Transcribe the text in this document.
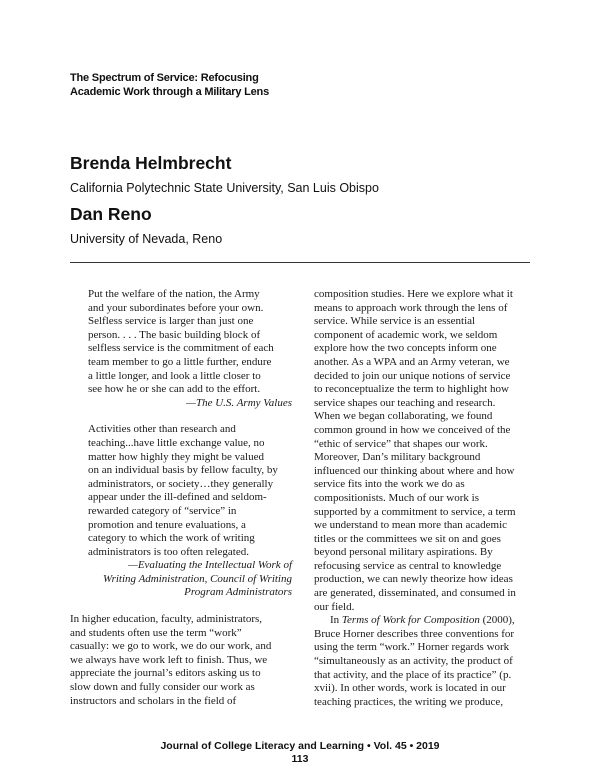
The Spectrum of Service: Refocusing
Academic Work through a Military Lens

Brenda Helmbrecht

California Polytechnic State University, San Luis Obispo

Dan Reno

University of Nevada, Reno

Put the welfare of the nation, the Army
and your subordinates before your own.
Selfless service is larger than just one
person. . . . The basic building block of
selfless service is the commitment of each
team member to go a little further, endure
a little longer, and look a little closer to
see how he or she can add to the effort.
—The U.S. Army Values
Activities other than research and
teaching...have little exchange value, no
matter how highly they might be valued
on an individual basis by fellow faculty, by
administrators, or society…they generally
appear under the ill-defined and seldom-
rewarded category of “service” in
promotion and tenure evaluations, a
category to which the work of writing
administrators is too often relegated.
—Evaluating the Intellectual Work of
Writing Administration, Council of Writing
Program Administrators
In higher education, faculty, administrators,
and students often use the term “work”
casually: we go to work, we do our work, and
we always have work left to finish. Thus, we
appreciate the journal’s editors asking us to
slow down and fully consider our work as
instructors and scholars in the field of
composition studies. Here we explore what it
means to approach work through the lens of
service. While service is an essential
component of academic work, we seldom
explore how the two concepts inform one
another. As a WPA and an Army veteran, we
decided to join our unique notions of service
to reconceptualize the term to highlight how
service shapes our teaching and research.
When we began collaborating, we found
common ground in how we conceived of the
“ethic of service” that shapes our work.
Moreover, Dan’s military background
influenced our thinking about where and how
service fits into the work we do as
compositionists. Much of our work is
supported by a commitment to service, a term
we understand to mean more than academic
titles or the committees we sit on and goes
beyond personal military aspirations. By
refocusing service as central to knowledge
production, we can newly theorize how ideas
are generated, disseminated, and consumed in
our field.
In Terms of Work for Composition (2000),
Bruce Horner describes three conventions for
using the term “work.” Horner regards work
“simultaneously as an activity, the product of
that activity, and the place of its practice” (p.
xvii). In other words, work is located in our
teaching practices, the writing we produce,
Journal of College Literacy and Learning • Vol. 45 • 2019
113
